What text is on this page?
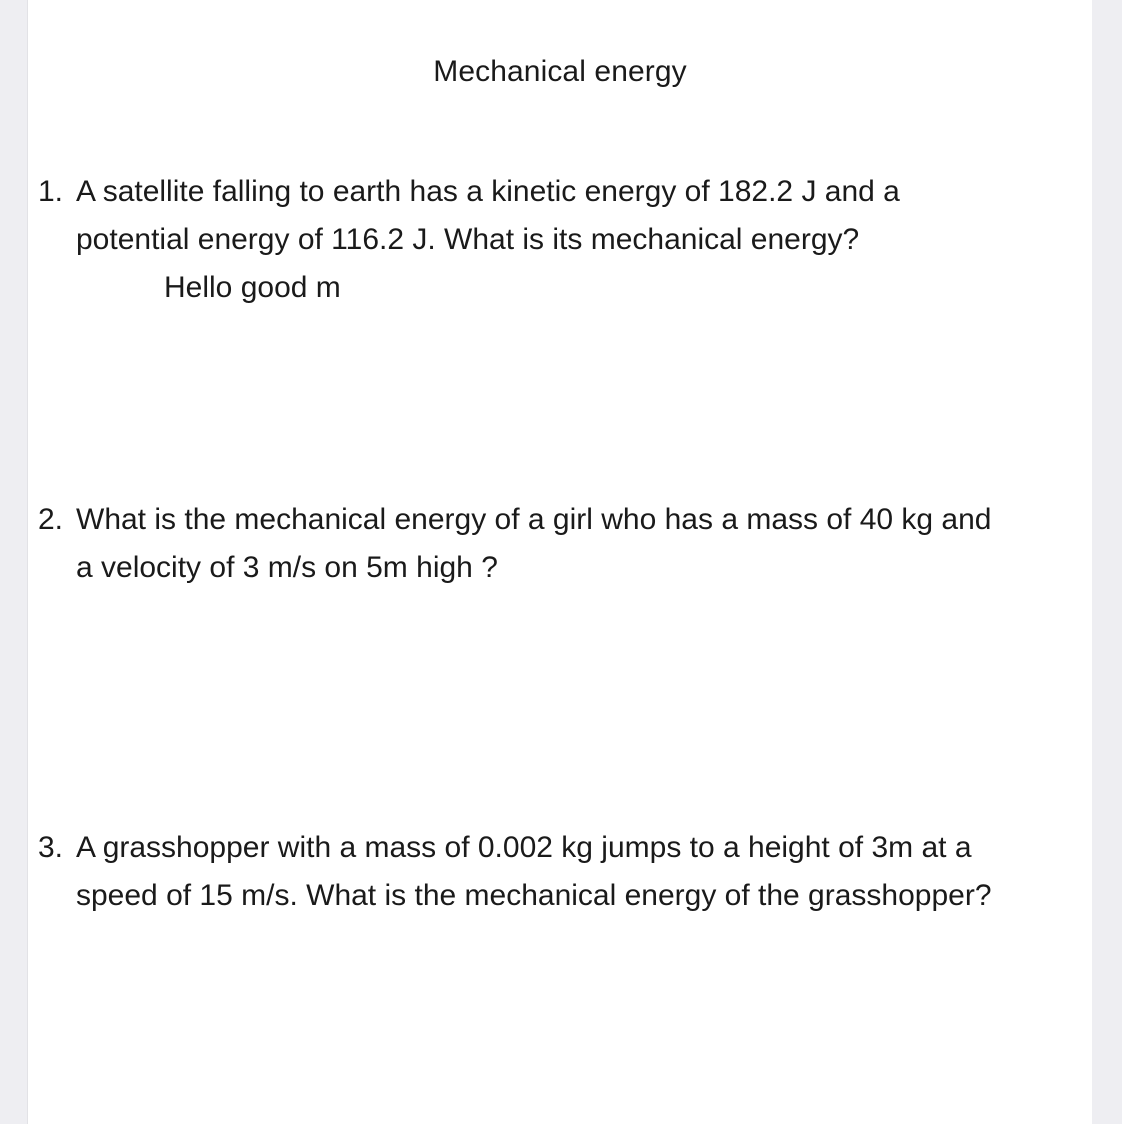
Mechanical energy
1. A satellite falling to earth has a kinetic energy of 182.2 J and a potential energy of 116.2 J. What is its mechanical energy?
Hello good m
2. What is the mechanical energy of a girl who has a mass of 40 kg and a velocity of 3 m/s on 5m high ?
3. A grasshopper with a mass of 0.002 kg jumps to a height of 3m at a speed of 15 m/s. What is the mechanical energy of the grasshopper?
